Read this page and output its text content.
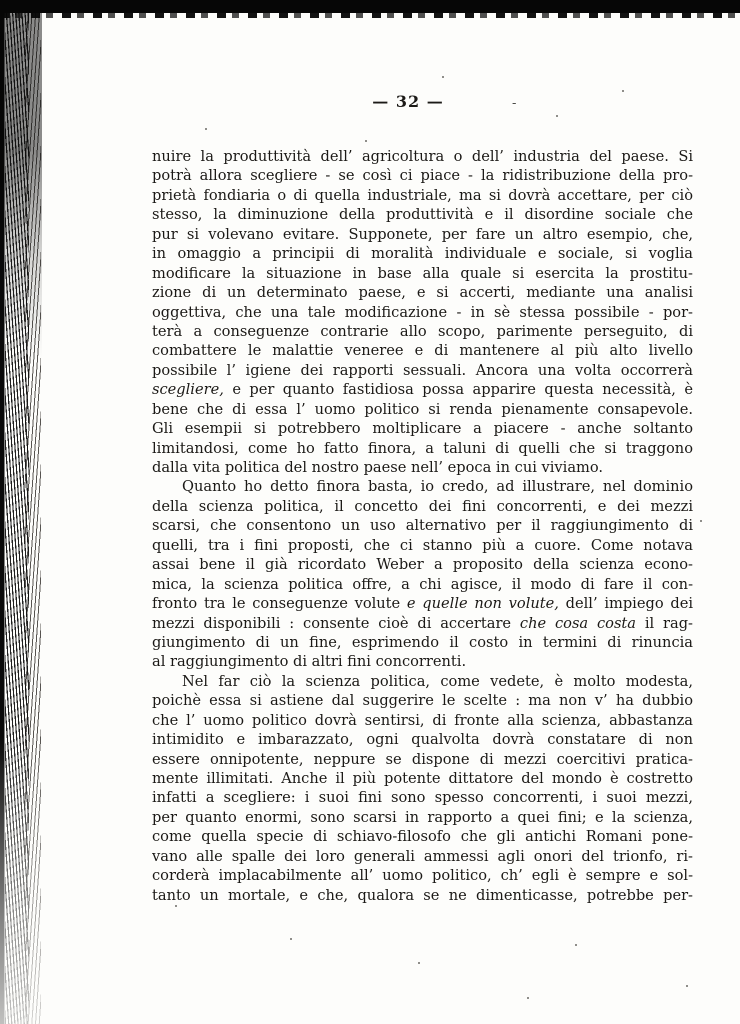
— 32 —	-
nuire la produttività dell’ agricoltura o dell’ industria del paese. Si
potrà allora scegliere - se così ci piace - la ridistribuzione della pro-
prietà fondiaria o di quella industriale, ma si dovrà accettare, per ciò
stesso, la diminuzione della produttività e il disordine sociale che
pur si volevano evitare. Supponete, per fare un altro esempio, che,
in omaggio a principii di moralità individuale e sociale, si voglia
modificare la situazione in base alla quale si esercita la prostitu-
zione di un determinato paese, e si accerti, mediante una analisi
oggettiva, che una tale modificazione - in sè stessa possibile - por-
terà a conseguenze contrarie allo scopo, parimente perseguito, di
combattere le malattie veneree e di mantenere al più alto livello
possibile l’ igiene dei rapporti sessuali. Ancora una volta occorrerà
scegliere, e per quanto fastidiosa possa apparire questa necessità, è
bene che di essa l’ uomo politico si renda pienamente consapevole.
Gli esempii si potrebbero moltiplicare a piacere - anche soltanto
limitandosi, come ho fatto finora, a taluni di quelli che si traggono
dalla vita politica del nostro paese nell’ epoca in cui viviamo.
Quanto ho detto finora basta, io credo, ad illustrare, nel dominio
della scienza politica, il concetto dei fini concorrenti, e dei mezzi
scarsi, che consentono un uso alternativo per il raggiungimento di
quelli, tra i fini proposti, che ci stanno più a cuore. Come notava
assai bene il già ricordato Weber a proposito della scienza econo-
mica, la scienza politica offre, a chi agisce, il modo di fare il con-
fronto tra le conseguenze volute e quelle non volute, dell’ impiego dei
mezzi disponibili : consente cioè di accertare che cosa costa il rag-
giungimento di un fine, esprimendo il costo in termini di rinuncia
al raggiungimento di altri fini concorrenti.
Nel far ciò la scienza politica, come vedete, è molto modesta,
poichè essa si astiene dal suggerire le scelte : ma non v’ ha dubbio
che l’ uomo politico dovrà sentirsi, di fronte alla scienza, abbastanza
intimidito e imbarazzato, ogni qualvolta dovrà constatare di non
essere onnipotente, neppure se dispone di mezzi coercitivi pratica-
mente illimitati. Anche il più potente dittatore del mondo è costretto
infatti a scegliere: i suoi fini sono spesso concorrenti, i suoi mezzi,
per quanto enormi, sono scarsi in rapporto a quei fini; e la scienza,
come quella specie di schiavo-filosofo che gli antichi Romani pone-
vano alle spalle dei loro generali ammessi agli onori del trionfo, ri-
corderà implacabilmente all’ uomo politico, ch’ egli è sempre e sol-
tanto un mortale, e che, qualora se ne dimenticasse, potrebbe per-
